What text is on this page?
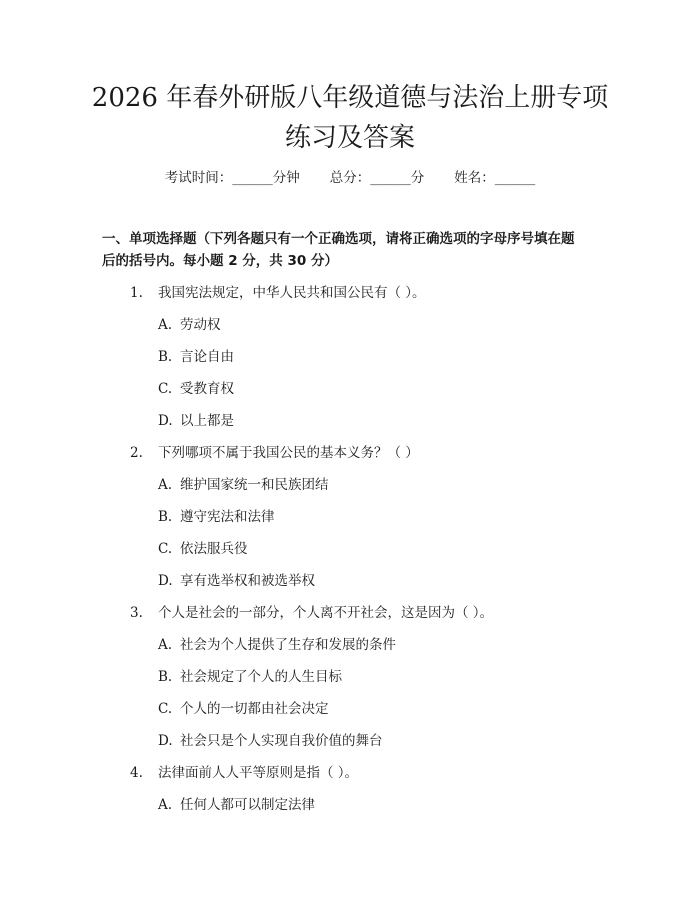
2026 年春外研版八年级道德与法治上册专项
练习及答案
考试时间：______分钟 总分：______分 姓名：______
一、单项选择题（下列各题只有一个正确选项，请将正确选项的字母序号填在题
后的括号内。每小题 2 分，共 30 分）
1. 我国宪法规定，中华人民共和国公民有（ ）。
A. 劳动权
B. 言论自由
C. 受教育权
D. 以上都是
2. 下列哪项不属于我国公民的基本义务？（ ）
A. 维护国家统一和民族团结
B. 遵守宪法和法律
C. 依法服兵役
D. 享有选举权和被选举权
3. 个人是社会的一部分，个人离不开社会，这是因为（ ）。
A. 社会为个人提供了生存和发展的条件
B. 社会规定了个人的人生目标
C. 个人的一切都由社会决定
D. 社会只是个人实现自我价值的舞台
4. 法律面前人人平等原则是指（ ）。
A. 任何人都可以制定法律
